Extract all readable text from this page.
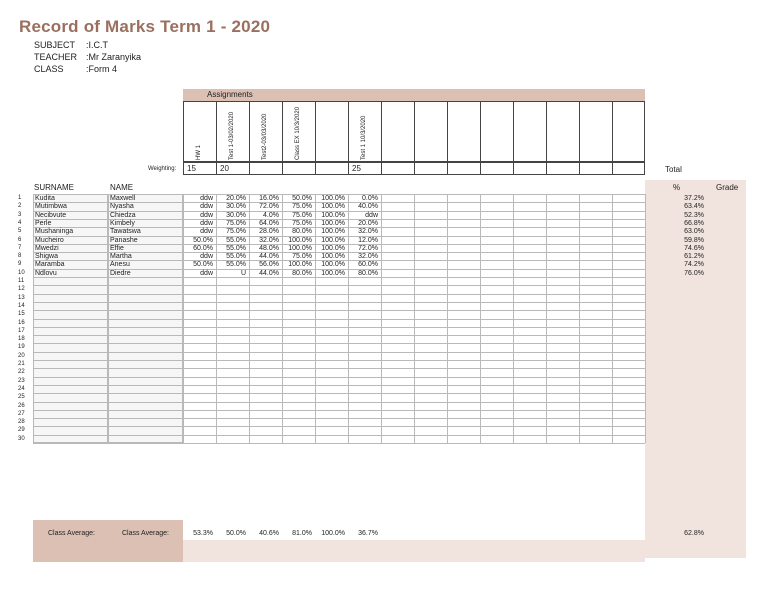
Record of Marks Term 1 - 2020
SUBJECT :I.C.T
TEACHER :Mr Zaranyika
CLASS :Form 4
Assignments
HW 1	Test 1-03/02/2020	Test2-03/03/2020	Class EX 10/3/2020	Test 1 10/3/2020
Weighting: 15	20	25	Total
%	Grade
SURNAME	NAME
1	Kudita	Maxwell	ddw	20.0%	16.0%	50.0%	100.0%	0.0%	37.2%
2	Mutimbwa	Nyasha	ddw	30.0%	72.0%	75.0%	100.0%	40.0%	63.4%
3	Necibvute	Chiedza	ddw	30.0%	4.0%	75.0%	100.0%	ddw	52.3%
4	Perle	Kimbely	ddw	75.0%	64.0%	75.0%	100.0%	20.0%	66.8%
5	Mushaninga	Tawatswa	ddw	75.0%	28.0%	80.0%	100.0%	32.0%	63.0%
6	Mucheiro	Panashe	50.0%	55.0%	32.0%	100.0%	100.0%	12.0%	59.8%
7	Mwedzi	Effie	60.0%	55.0%	48.0%	100.0%	100.0%	72.0%	74.6%
8	Shigwa	Martha	ddw	55.0%	44.0%	75.0%	100.0%	32.0%	61.2%
9	Maramba	Anesu	50.0%	55.0%	56.0%	100.0%	100.0%	60.0%	74.2%
10	Ndlovu	Diedre	ddw	U	44.0%	80.0%	100.0%	80.0%	76.0%
11
12
13
14
15
16
17
18
19
20
21
22
23
24
25
26
27
28
29
30
Class Average:	Class Average:	53.3%	50.0%	40.6%	81.0%	100.0%	36.7%	62.8%
